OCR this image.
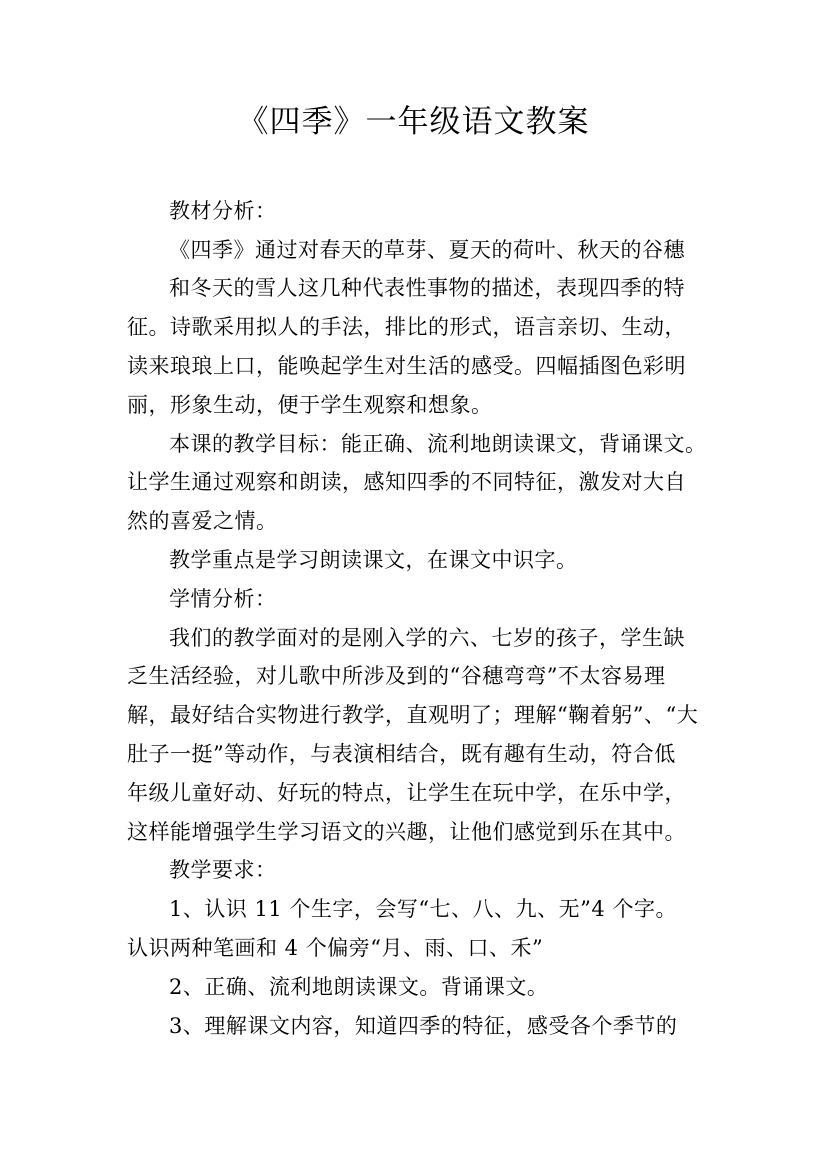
《四季》一年级语文教案
教材分析：
《四季》通过对春天的草芽、夏天的荷叶、秋天的谷穗
和冬天的雪人这几种代表性事物的描述，表现四季的特
征。诗歌采用拟人的手法，排比的形式，语言亲切、生动，
读来琅琅上口，能唤起学生对生活的感受。四幅插图色彩明
丽，形象生动，便于学生观察和想象。
本课的教学目标：能正确、流利地朗读课文，背诵课文。
让学生通过观察和朗读，感知四季的不同特征，激发对大自
然的喜爱之情。
教学重点是学习朗读课文，在课文中识字。
学情分析：
我们的教学面对的是刚入学的六、七岁的孩子，学生缺
乏生活经验，对儿歌中所涉及到的“谷穗弯弯”不太容易理
解，最好结合实物进行教学，直观明了；理解“鞠着躬”、“大
肚子一挺”等动作，与表演相结合，既有趣有生动，符合低
年级儿童好动、好玩的特点，让学生在玩中学，在乐中学，
这样能增强学生学习语文的兴趣，让他们感觉到乐在其中。
教学要求：
1、认识 11 个生字，会写“七、八、九、无”4 个字。
认识两种笔画和 4 个偏旁“月、雨、口、禾”
2、正确、流利地朗读课文。背诵课文。
3、理解课文内容，知道四季的特征，感受各个季节的
